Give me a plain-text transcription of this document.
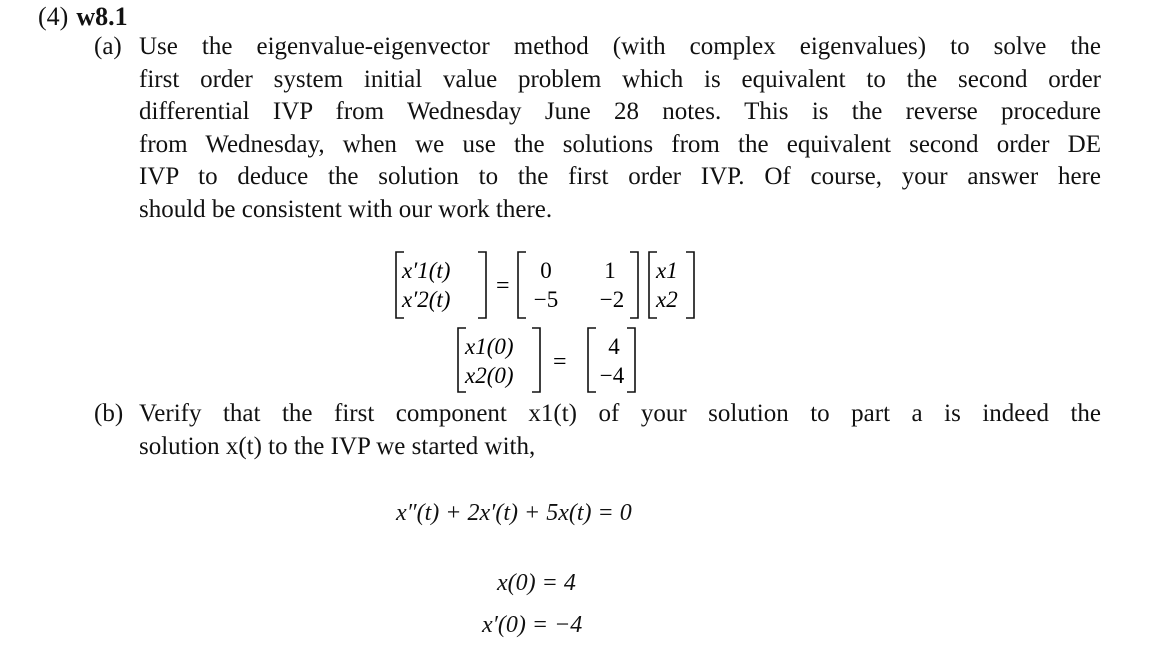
(4) w8.1
(a) Use the eigenvalue-eigenvector method (with complex eigenvalues) to solve the
first order system initial value problem which is equivalent to the second order
differential IVP from Wednesday June 28 notes. This is the reverse procedure
from Wednesday, when we use the solutions from the equivalent second order DE
IVP to deduce the solution to the first order IVP. Of course, your answer here
should be consistent with our work there.
x′1(t)
x′2(t)
=
0 1
−5 −2
x1
x2
x1(0)
x2(0)
=
4
−4
(b) Verify that the first component x1(t) of your solution to part a is indeed the
solution x(t) to the IVP we started with,
x″(t) + 2x′(t) + 5x(t) = 0
x(0) = 4
x′(0) = −4
